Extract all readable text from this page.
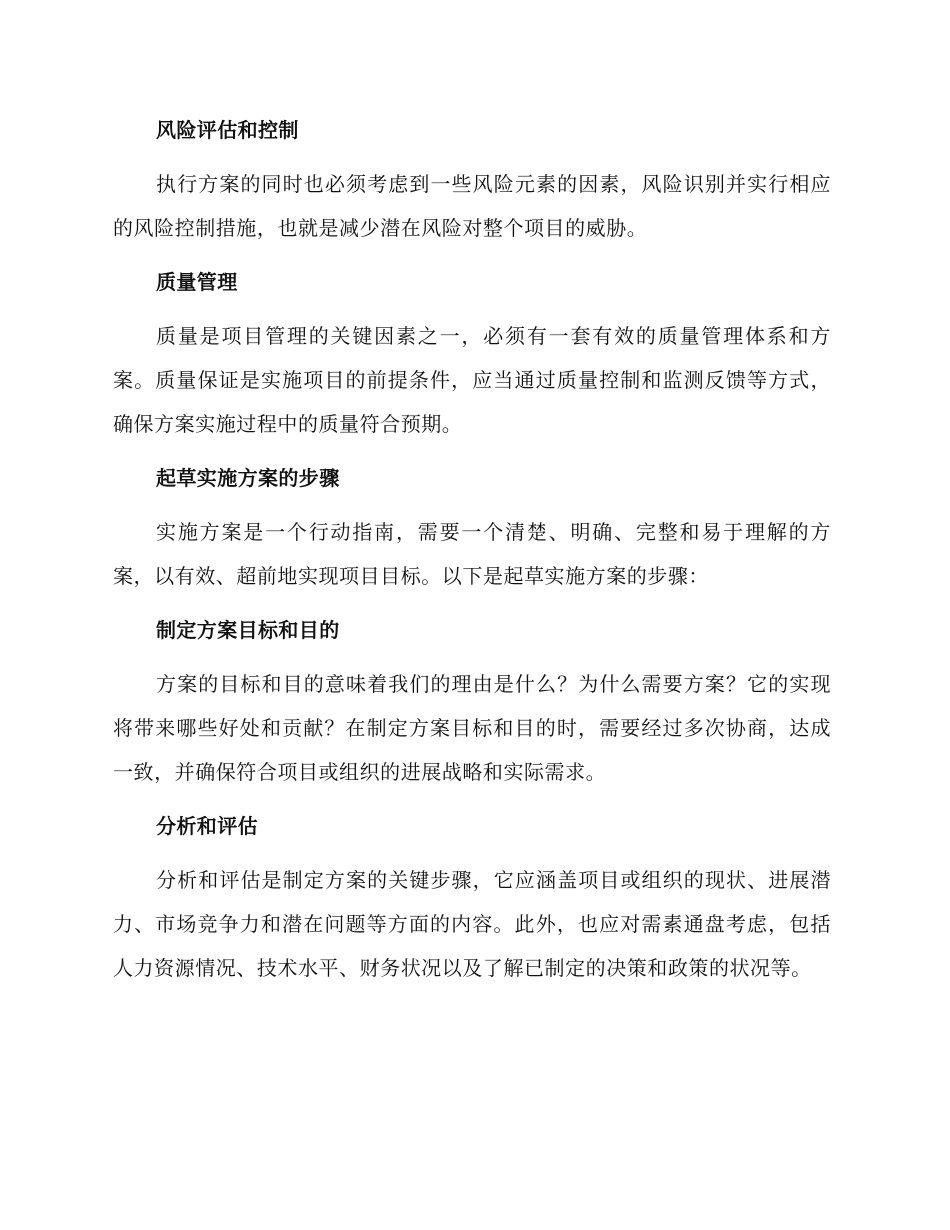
风险评估和控制

执行方案的同时也必须考虑到一些风险元素的因素，风险识别并实行相应的风险控制措施，也就是减少潜在风险对整个项目的威胁。

质量管理

质量是项目管理的关键因素之一，必须有一套有效的质量管理体系和方案。质量保证是实施项目的前提条件，应当通过质量控制和监测反馈等方式，确保方案实施过程中的质量符合预期。

起草实施方案的步骤

实施方案是一个行动指南，需要一个清楚、明确、完整和易于理解的方案，以有效、超前地实现项目目标。以下是起草实施方案的步骤：

制定方案目标和目的

方案的目标和目的意味着我们的理由是什么？为什么需要方案？它的实现将带来哪些好处和贡献？在制定方案目标和目的时，需要经过多次协商，达成一致，并确保符合项目或组织的进展战略和实际需求。

分析和评估

分析和评估是制定方案的关键步骤，它应涵盖项目或组织的现状、进展潜力、市场竞争力和潜在问题等方面的内容。此外，也应对需素通盘考虑，包括人力资源情况、技术水平、财务状况以及了解已制定的决策和政策的状况等。
